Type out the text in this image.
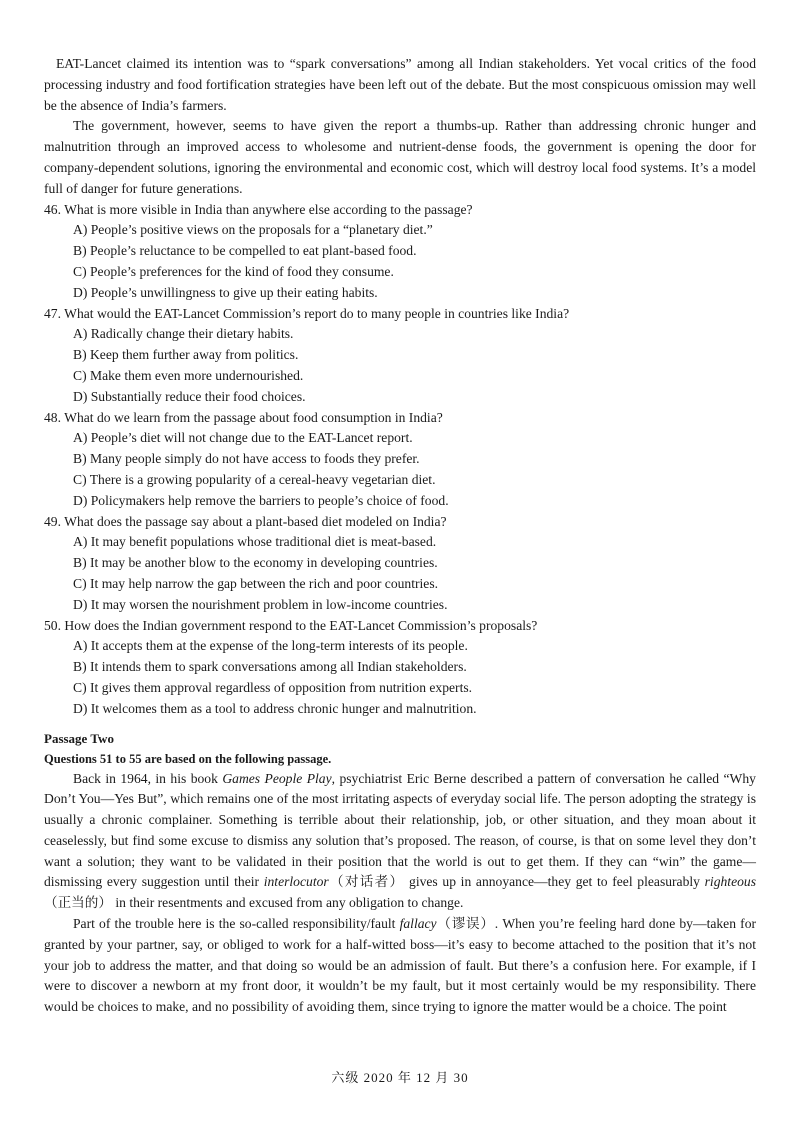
EAT-Lancet claimed its intention was to “spark conversations” among all Indian stakeholders. Yet vocal critics of the food processing industry and food fortification strategies have been left out of the debate. But the most conspicuous omission may well be the absence of India’s farmers.

The government, however, seems to have given the report a thumbs-up. Rather than addressing chronic hunger and malnutrition through an improved access to wholesome and nutrient-dense foods, the government is opening the door for company-dependent solutions, ignoring the environmental and economic cost, which will destroy local food systems. It’s a model full of danger for future generations.

46. What is more visible in India than anywhere else according to the passage?

A) People’s positive views on the proposals for a “planetary diet.”

B) People’s reluctance to be compelled to eat plant-based food.

C) People’s preferences for the kind of food they consume.

D) People’s unwillingness to give up their eating habits.

47. What would the EAT-Lancet Commission’s report do to many people in countries like India?

A) Radically change their dietary habits.

B) Keep them further away from politics.

C) Make them even more undernourished.

D) Substantially reduce their food choices.

48. What do we learn from the passage about food consumption in India?

A) People’s diet will not change due to the EAT-Lancet report.

B) Many people simply do not have access to foods they prefer.

C) There is a growing popularity of a cereal-heavy vegetarian diet.

D) Policymakers help remove the barriers to people’s choice of food.

49. What does the passage say about a plant-based diet modeled on India?

A) It may benefit populations whose traditional diet is meat-based.

B) It may be another blow to the economy in developing countries.

C) It may help narrow the gap between the rich and poor countries.

D) It may worsen the nourishment problem in low-income countries.

50. How does the Indian government respond to the EAT-Lancet Commission’s proposals?

A) It accepts them at the expense of the long-term interests of its people.

B) It intends them to spark conversations among all Indian stakeholders.

C) It gives them approval regardless of opposition from nutrition experts.

D) It welcomes them as a tool to address chronic hunger and malnutrition.

Passage Two

Questions 51 to 55 are based on the following passage.

Back in 1964, in his book Games People Play, psychiatrist Eric Berne described a pattern of conversation he called “Why Don’t You—Yes But”, which remains one of the most irritating aspects of everyday social life. The person adopting the strategy is usually a chronic complainer. Something is terrible about their relationship, job, or other situation, and they moan about it ceaselessly, but find some excuse to dismiss any solution that’s proposed. The reason, of course, is that on some level they don’t want a solution; they want to be validated in their position that the world is out to get them. If they can “win” the game—dismissing every suggestion until their interlocutor（对话者） gives up in annoyance—they get to feel pleasurably righteous（正当的） in their resentments and excused from any obligation to change.

Part of the trouble here is the so-called responsibility/fault fallacy（谬误）. When you’re feeling hard done by—taken for granted by your partner, say, or obliged to work for a half-witted boss—it’s easy to become attached to the position that it’s not your job to address the matter, and that doing so would be an admission of fault. But there’s a confusion here. For example, if I were to discover a newborn at my front door, it wouldn’t be my fault, but it most certainly would be my responsibility. There would be choices to make, and no possibility of avoiding them, since trying to ignore the matter would be a choice. The point

六级 2020 年 12 月 30
